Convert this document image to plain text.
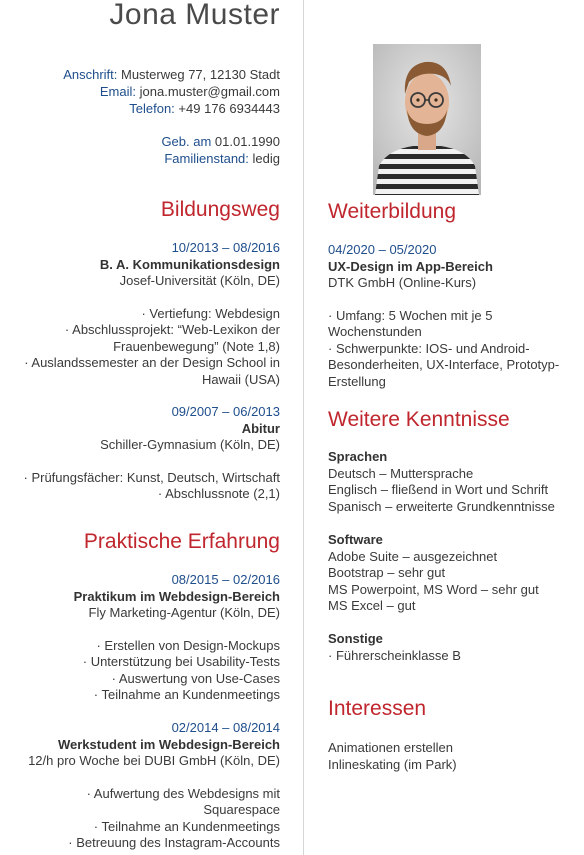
Jona Muster
Anschrift: Musterweg 77, 12130 Stadt
Email: jona.muster@gmail.com
Telefon: +49 176 6934443
Geb. am 01.01.1990
Familienstand: ledig
Bildungsweg
10/2013 – 08/2016
B. A. Kommunikationsdesign
Josef-Universität (Köln, DE)
· Vertiefung: Webdesign
· Abschlussprojekt: “Web-Lexikon der
Frauenbewegung” (Note 1,8)
· Auslandssemester an der Design School in
Hawaii (USA)
09/2007 – 06/2013
Abitur
Schiller-Gymnasium (Köln, DE)
· Prüfungsfächer: Kunst, Deutsch, Wirtschaft
· Abschlussnote (2,1)
Praktische Erfahrung
08/2015 – 02/2016
Praktikum im Webdesign-Bereich
Fly Marketing-Agentur (Köln, DE)
· Erstellen von Design-Mockups
· Unterstützung bei Usability-Tests
· Auswertung von Use-Cases
· Teilnahme an Kundenmeetings
02/2014 – 08/2014
Werkstudent im Webdesign-Bereich
12/h pro Woche bei DUBI GmbH (Köln, DE)
· Aufwertung des Webdesigns mit
Squarespace
· Teilnahme an Kundenmeetings
· Betreuung des Instagram-Accounts
Weiterbildung
04/2020 – 05/2020
UX-Design im App-Bereich
DTK GmbH (Online-Kurs)
· Umfang: 5 Wochen mit je 5
Wochenstunden
· Schwerpunkte: IOS- und Android-
Besonderheiten, UX-Interface, Prototyp-
Erstellung
Weitere Kenntnisse
Sprachen
Deutsch – Muttersprache
Englisch – fließend in Wort und Schrift
Spanisch – erweiterte Grundkenntnisse
Software
Adobe Suite – ausgezeichnet
Bootstrap – sehr gut
MS Powerpoint, MS Word – sehr gut
MS Excel – gut
Sonstige
· Führerscheinklasse B
Interessen
Animationen erstellen
Inlineskating (im Park)
